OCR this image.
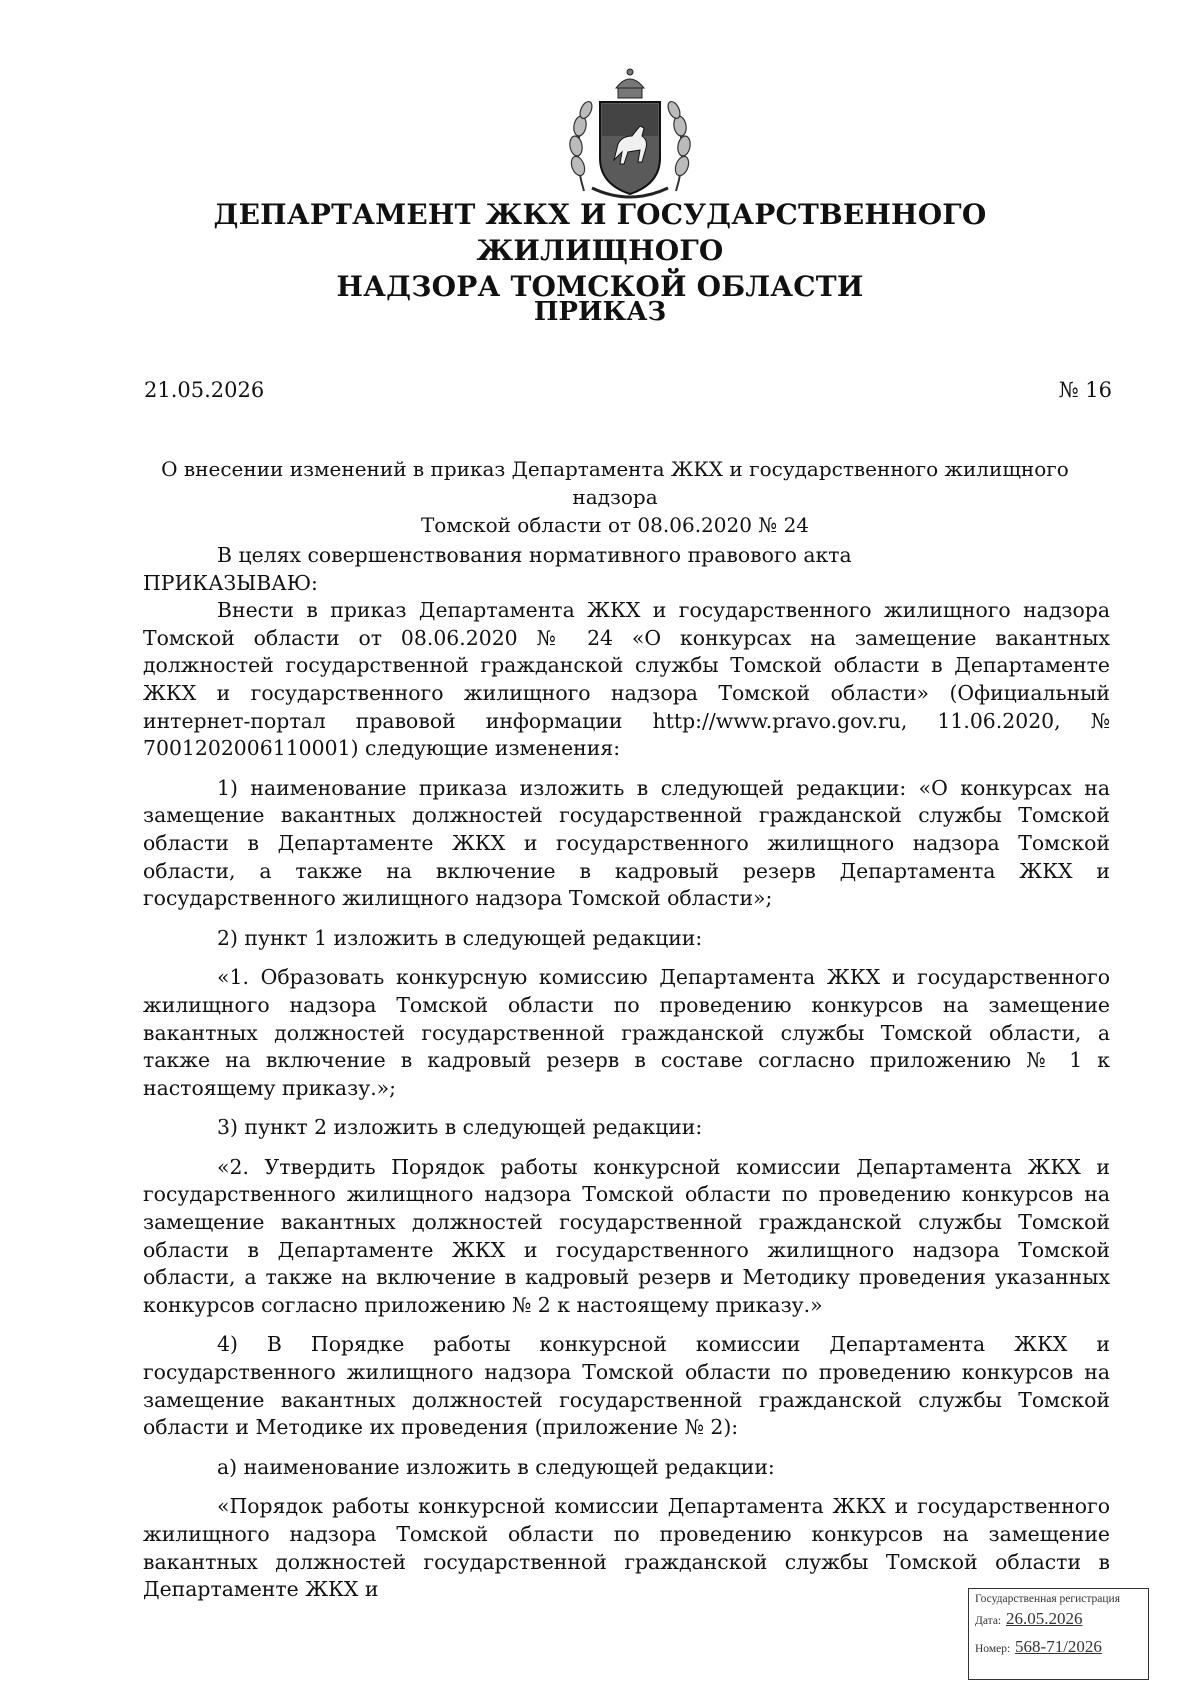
ДЕПАРТАМЕНТ ЖКХ И ГОСУДАРСТВЕННОГО ЖИЛИЩНОГО
НАДЗОРА ТОМСКОЙ ОБЛАСТИ
ПРИКАЗ
21.05.2026	№ 16
О внесении изменений в приказ Департамента ЖКХ и государственного жилищного надзора
Томской области от 08.06.2020 № 24

В целях совершенствования нормативного правового акта

ПРИКАЗЫВАЮ:

Внести в приказ Департамента ЖКХ и государственного жилищного надзора Томской области от 08.06.2020 № 24 «О конкурсах на замещение вакантных должностей государственной гражданской службы Томской области в Департаменте ЖКХ и государственного жилищного надзора Томской области» (Официальный интернет-портал правовой информации http://www.pravo.gov.ru, 11.06.2020, № 7001202006110001) следующие изменения:

1) наименование приказа изложить в следующей редакции: «О конкурсах на замещение вакантных должностей государственной гражданской службы Томской области в Департаменте ЖКХ и государственного жилищного надзора Томской области, а также на включение в кадровый резерв Департамента ЖКХ и государственного жилищного надзора Томской области»;

2) пункт 1 изложить в следующей редакции:

«1. Образовать конкурсную комиссию Департамента ЖКХ и государственного жилищного надзора Томской области по проведению конкурсов на замещение вакантных должностей государственной гражданской службы Томской области, а также на включение в кадровый резерв в составе согласно приложению № 1 к настоящему приказу.»;

3) пункт 2 изложить в следующей редакции:

«2. Утвердить Порядок работы конкурсной комиссии Департамента ЖКХ и государственного жилищного надзора Томской области по проведению конкурсов на замещение вакантных должностей государственной гражданской службы Томской области в Департаменте ЖКХ и государственного жилищного надзора Томской области, а также на включение в кадровый резерв и Методику проведения указанных конкурсов согласно приложению № 2 к настоящему приказу.»

4) В Порядке работы конкурсной комиссии Департамента ЖКХ и государственного жилищного надзора Томской области по проведению конкурсов на замещение вакантных должностей государственной гражданской службы Томской области и Методике их проведения (приложение № 2):

а) наименование изложить в следующей редакции:

«Порядок работы конкурсной комиссии Департамента ЖКХ и государственного жилищного надзора Томской области по проведению конкурсов на замещение вакантных должностей государственной гражданской службы Томской области в Департаменте ЖКХ и	Государственная регистрация
Дата: 26.05.2026
Номер: 568-71/2026
